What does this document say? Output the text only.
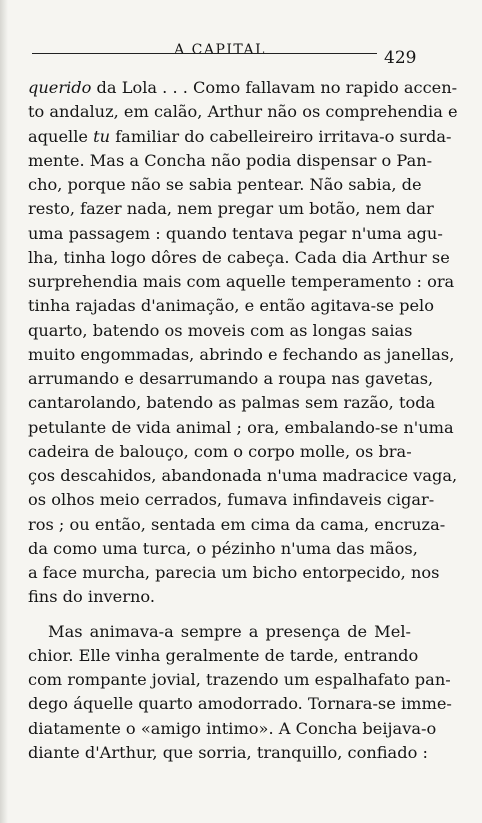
A CAPITAL	429
querido da Lola . . . Como fallavam no rapido accen-
to andaluz, em calão, Arthur não os comprehendia e
aquelle tu familiar do cabelleireiro irritava-o surda-
mente. Mas a Concha não podia dispensar o Pan-
cho, porque não se sabia pentear. Não sabia, de
resto, fazer nada, nem pregar um botão, nem dar
uma passagem : quando tentava pegar n'uma agu-
lha, tinha logo dôres de cabeça. Cada dia Arthur se
surprehendia mais com aquelle temperamento : ora
tinha rajadas d'animação, e então agitava-se pelo
quarto, batendo os moveis com as longas saias
muito engommadas, abrindo e fechando as janellas,
arrumando e desarrumando a roupa nas gavetas,
cantarolando, batendo as palmas sem razão, toda
petulante de vida animal ; ora, embalando-se n'uma
cadeira de balouço, com o corpo molle, os bra-
ços descahidos, abandonada n'uma madracice vaga,
os olhos meio cerrados, fumava infindaveis cigar-
ros ; ou então, sentada em cima da cama, encruza-
da como uma turca, o pézinho n'uma das mãos,
a face murcha, parecia um bicho entorpecido, nos
fins do inverno.
Mas animava-a sempre a presença de Mel-
chior. Elle vinha geralmente de tarde, entrando
com rompante jovial, trazendo um espalhafato pan-
dego áquelle quarto amodorrado. Tornara-se imme-
diatamente o «amigo intimo». A Concha beijava-o
diante d'Arthur, que sorria, tranquillo, confiado :
